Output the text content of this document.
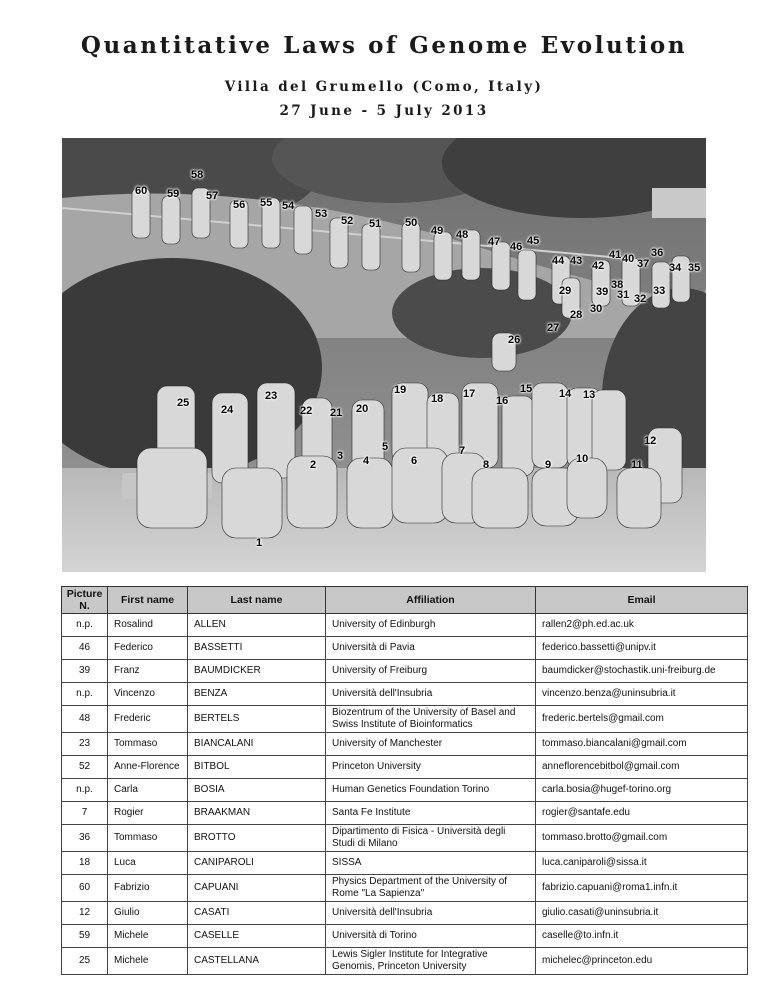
Quantitative Laws of Genome Evolution
Villa del Grumello (Como, Italy)
27 June - 5 July 2013
1
2
3 4
5
6
7
8	9 10	11
12
13
14
15
16
17
18
19
20
21
22
23
24
25
26
27
28
29
30
31 32
33
34 35
36
37
38
39
40
41
42
43
44
45
46
47
48
49
50
51
52
53
54
55
56
57
58
59
60
Picture N.	First name	Last name	Affiliation	Email
n.p.	Rosalind	ALLEN	University of Edinburgh	rallen2@ph.ed.ac.uk
46	Federico	BASSETTI	Università di Pavia	federico.bassetti@unipv.it
39	Franz	BAUMDICKER	University of Freiburg	baumdicker@stochastik.uni-freiburg.de
n.p.	Vincenzo	BENZA	Università dell'Insubria	vincenzo.benza@uninsubria.it
48	Frederic	BERTELS	Biozentrum of the University of Basel and Swiss Institute of Bioinformatics	frederic.bertels@gmail.com
23	Tommaso	BIANCALANI	University of Manchester	tommaso.biancalani@gmail.com
52	Anne-Florence	BITBOL	Princeton University	anneflorencebitbol@gmail.com
n.p.	Carla	BOSIA	Human Genetics Foundation Torino	carla.bosia@hugef-torino.org
7	Rogier	BRAAKMAN	Santa Fe Institute	rogier@santafe.edu
36	Tommaso	BROTTO	Dipartimento di Fisica - Università degli Studi di Milano	tommaso.brotto@gmail.com
18	Luca	CANIPAROLI	SISSA	luca.caniparoli@sissa.it
60	Fabrizio	CAPUANI	Physics Department of the University of Rome "La Sapienza"	fabrizio.capuani@roma1.infn.it
12	Giulio	CASATI	Università dell'Insubria	giulio.casati@uninsubria.it
59	Michele	CASELLE	Università di Torino	caselle@to.infn.it
25	Michele	CASTELLANA	Lewis Sigler Institute for Integrative Genomis, Princeton University	michelec@princeton.edu
